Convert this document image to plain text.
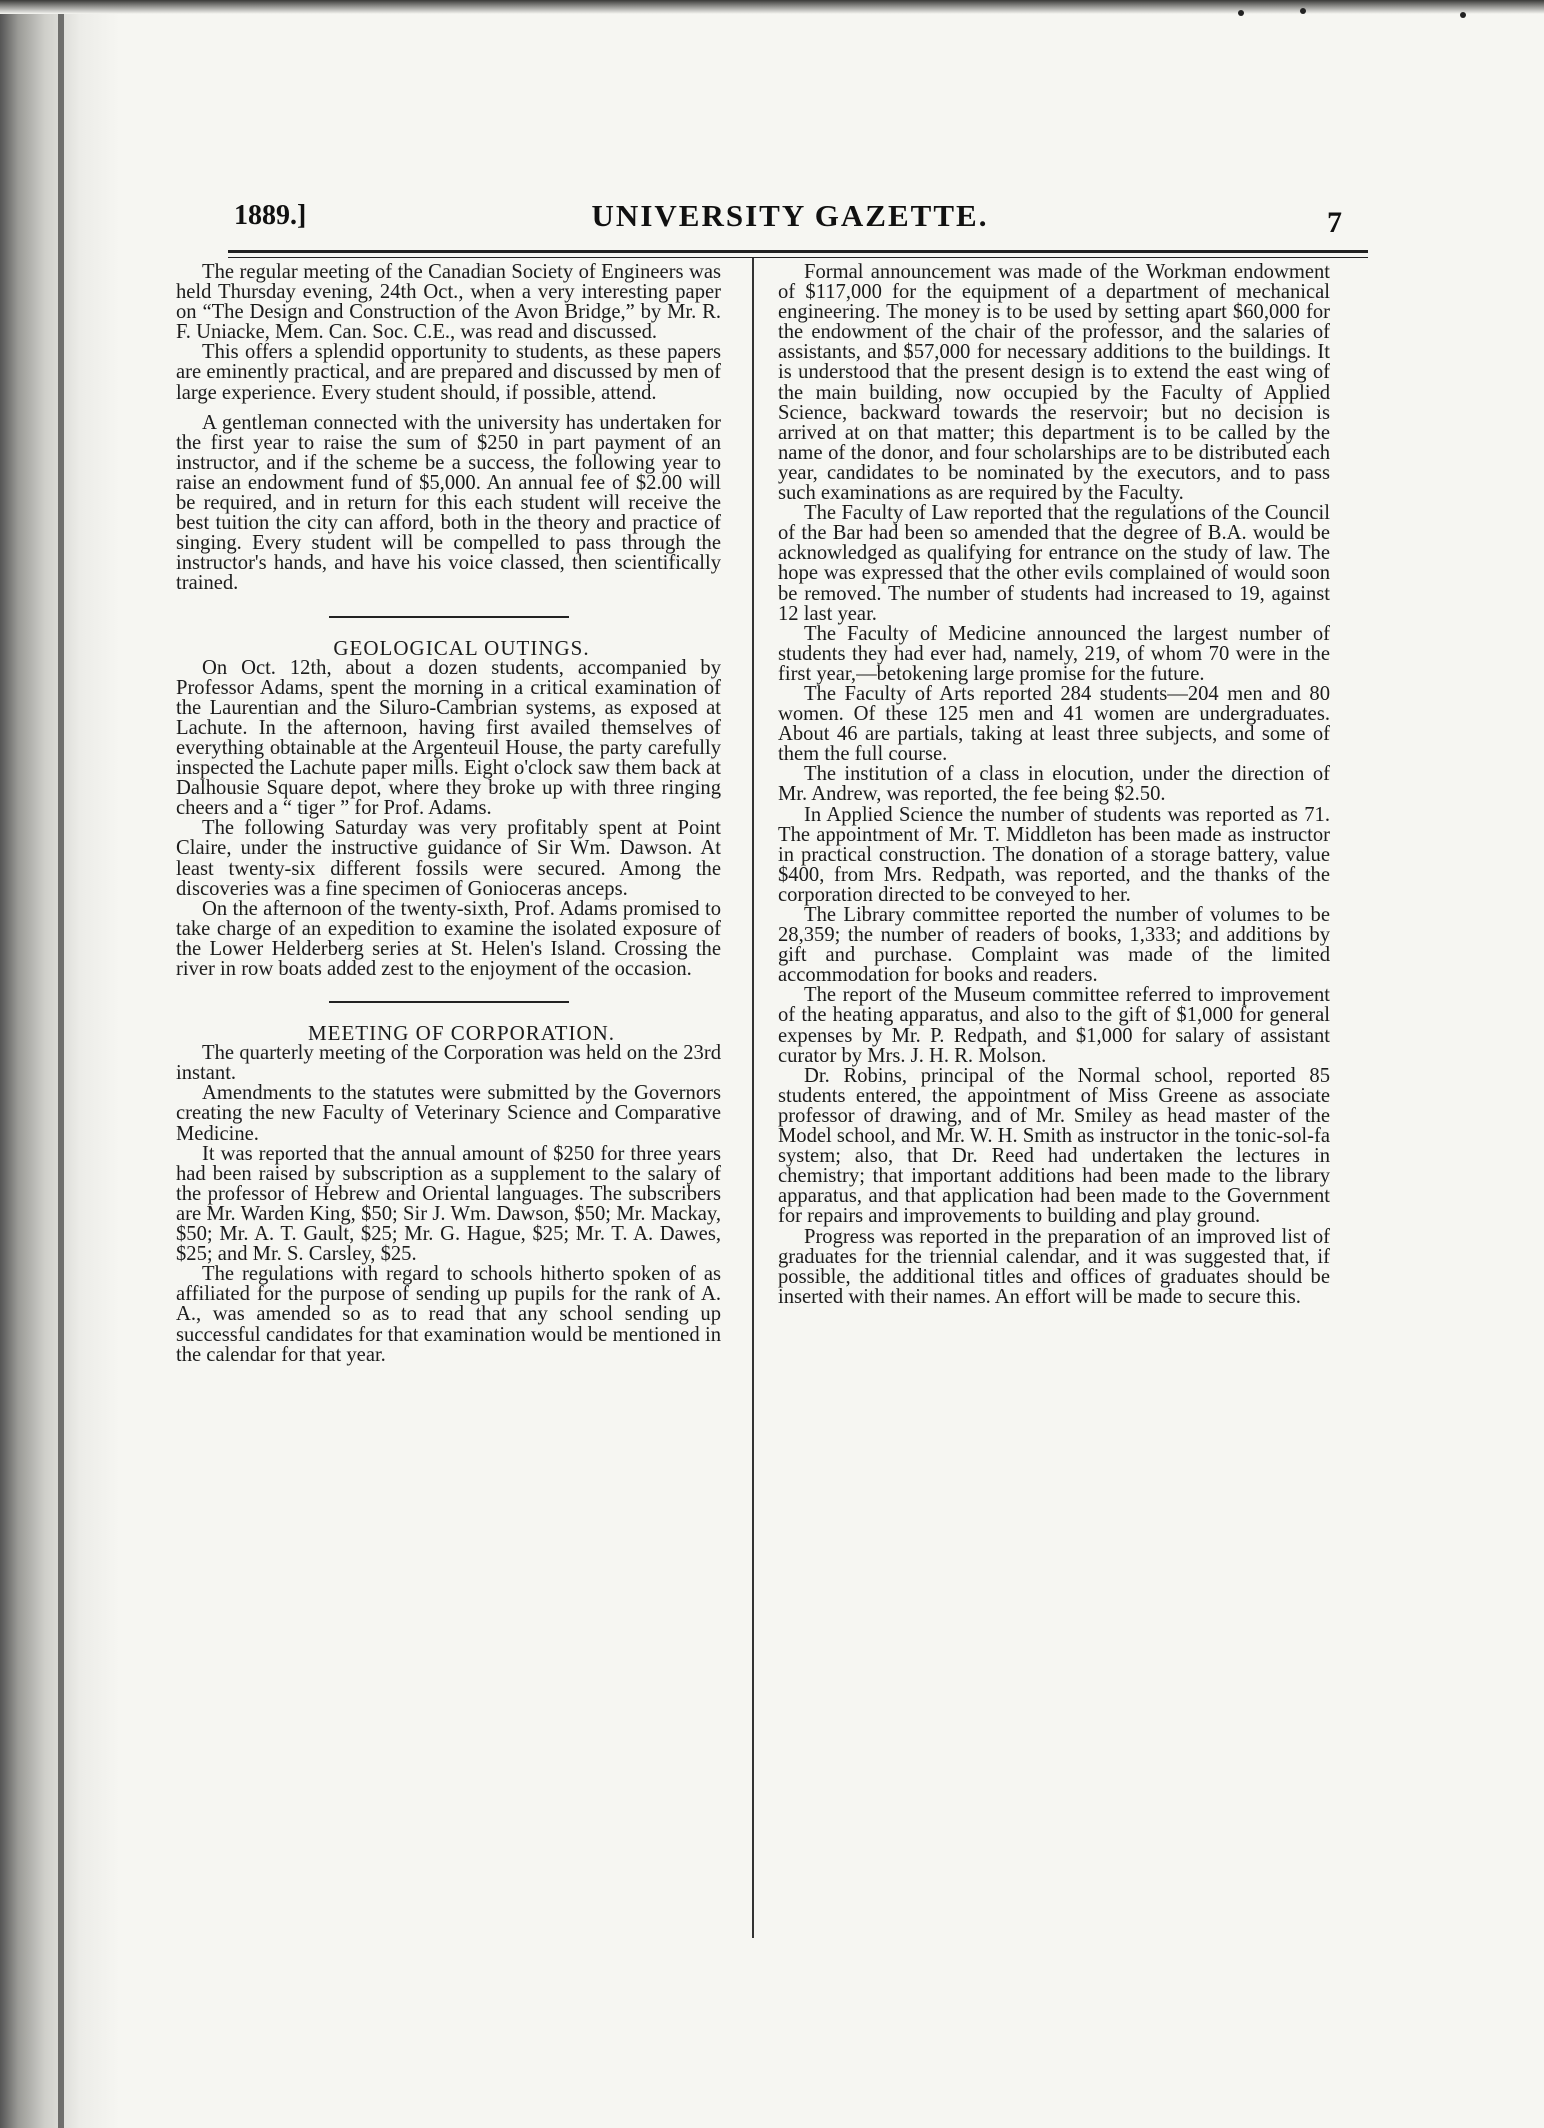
1889.]	UNIVERSITY GAZETTE.	7

The regular meeting of the Canadian Society of Engineers was held Thursday evening, 24th Oct., when a very interesting paper on “The Design and Construction of the Avon Bridge,” by Mr. R. F. Uniacke, Mem. Can. Soc. C.E., was read and discussed.

This offers a splendid opportunity to students, as these papers are eminently practical, and are prepared and discussed by men of large experience. Every student should, if possible, attend.

A gentleman connected with the university has undertaken for the first year to raise the sum of $250 in part payment of an instructor, and if the scheme be a success, the following year to raise an endowment fund of $5,000. An annual fee of $2.00 will be required, and in return for this each student will receive the best tuition the city can afford, both in the theory and practice of singing. Every student will be compelled to pass through the instructor's hands, and have his voice classed, then scientifically trained.

GEOLOGICAL OUTINGS.

On Oct. 12th, about a dozen students, accompanied by Professor Adams, spent the morning in a critical examination of the Laurentian and the Siluro-Cambrian systems, as exposed at Lachute. In the afternoon, having first availed themselves of everything obtainable at the Argenteuil House, the party carefully inspected the Lachute paper mills. Eight o'clock saw them back at Dalhousie Square depot, where they broke up with three ringing cheers and a “ tiger ” for Prof. Adams.

The following Saturday was very profitably spent at Point Claire, under the instructive guidance of Sir Wm. Dawson. At least twenty-six different fossils were secured. Among the discoveries was a fine specimen of Gonioceras anceps.

On the afternoon of the twenty-sixth, Prof. Adams promised to take charge of an expedition to examine the isolated exposure of the Lower Helderberg series at St. Helen's Island. Crossing the river in row boats added zest to the enjoyment of the occasion.

MEETING OF CORPORATION.

The quarterly meeting of the Corporation was held on the 23rd instant.

Amendments to the statutes were submitted by the Governors creating the new Faculty of Veterinary Science and Comparative Medicine.

It was reported that the annual amount of $250 for three years had been raised by subscription as a supplement to the salary of the professor of Hebrew and Oriental languages. The subscribers are Mr. Warden King, $50; Sir J. Wm. Dawson, $50; Mr. Mackay, $50; Mr. A. T. Gault, $25; Mr. G. Hague, $25; Mr. T. A. Dawes, $25; and Mr. S. Carsley, $25.

The regulations with regard to schools hitherto spoken of as affiliated for the purpose of sending up pupils for the rank of A. A., was amended so as to read that any school sending up successful candidates for that examination would be mentioned in the calendar for that year.

Formal announcement was made of the Workman endowment of $117,000 for the equipment of a department of mechanical engineering. The money is to be used by setting apart $60,000 for the endowment of the chair of the professor, and the salaries of assistants, and $57,000 for necessary additions to the buildings. It is understood that the present design is to extend the east wing of the main building, now occupied by the Faculty of Applied Science, backward towards the reservoir; but no decision is arrived at on that matter; this department is to be called by the name of the donor, and four scholarships are to be distributed each year, candidates to be nominated by the executors, and to pass such examinations as are required by the Faculty.

The Faculty of Law reported that the regulations of the Council of the Bar had been so amended that the degree of B.A. would be acknowledged as qualifying for entrance on the study of law. The hope was expressed that the other evils complained of would soon be removed. The number of students had increased to 19, against 12 last year.

The Faculty of Medicine announced the largest number of students they had ever had, namely, 219, of whom 70 were in the first year,—betokening large promise for the future.

The Faculty of Arts reported 284 students—204 men and 80 women. Of these 125 men and 41 women are undergraduates. About 46 are partials, taking at least three subjects, and some of them the full course.

The institution of a class in elocution, under the direction of Mr. Andrew, was reported, the fee being $2.50.

In Applied Science the number of students was reported as 71. The appointment of Mr. T. Middleton has been made as instructor in practical construction. The donation of a storage battery, value $400, from Mrs. Redpath, was reported, and the thanks of the corporation directed to be conveyed to her.

The Library committee reported the number of volumes to be 28,359; the number of readers of books, 1,333; and additions by gift and purchase. Complaint was made of the limited accommodation for books and readers.

The report of the Museum committee referred to improvement of the heating apparatus, and also to the gift of $1,000 for general expenses by Mr. P. Redpath, and $1,000 for salary of assistant curator by Mrs. J. H. R. Molson.

Dr. Robins, principal of the Normal school, reported 85 students entered, the appointment of Miss Greene as associate professor of drawing, and of Mr. Smiley as head master of the Model school, and Mr. W. H. Smith as instructor in the tonic-sol-fa system; also, that Dr. Reed had undertaken the lectures in chemistry; that important additions had been made to the library apparatus, and that application had been made to the Government for repairs and improvements to building and play ground.

Progress was reported in the preparation of an improved list of graduates for the triennial calendar, and it was suggested that, if possible, the additional titles and offices of graduates should be inserted with their names. An effort will be made to secure this.
